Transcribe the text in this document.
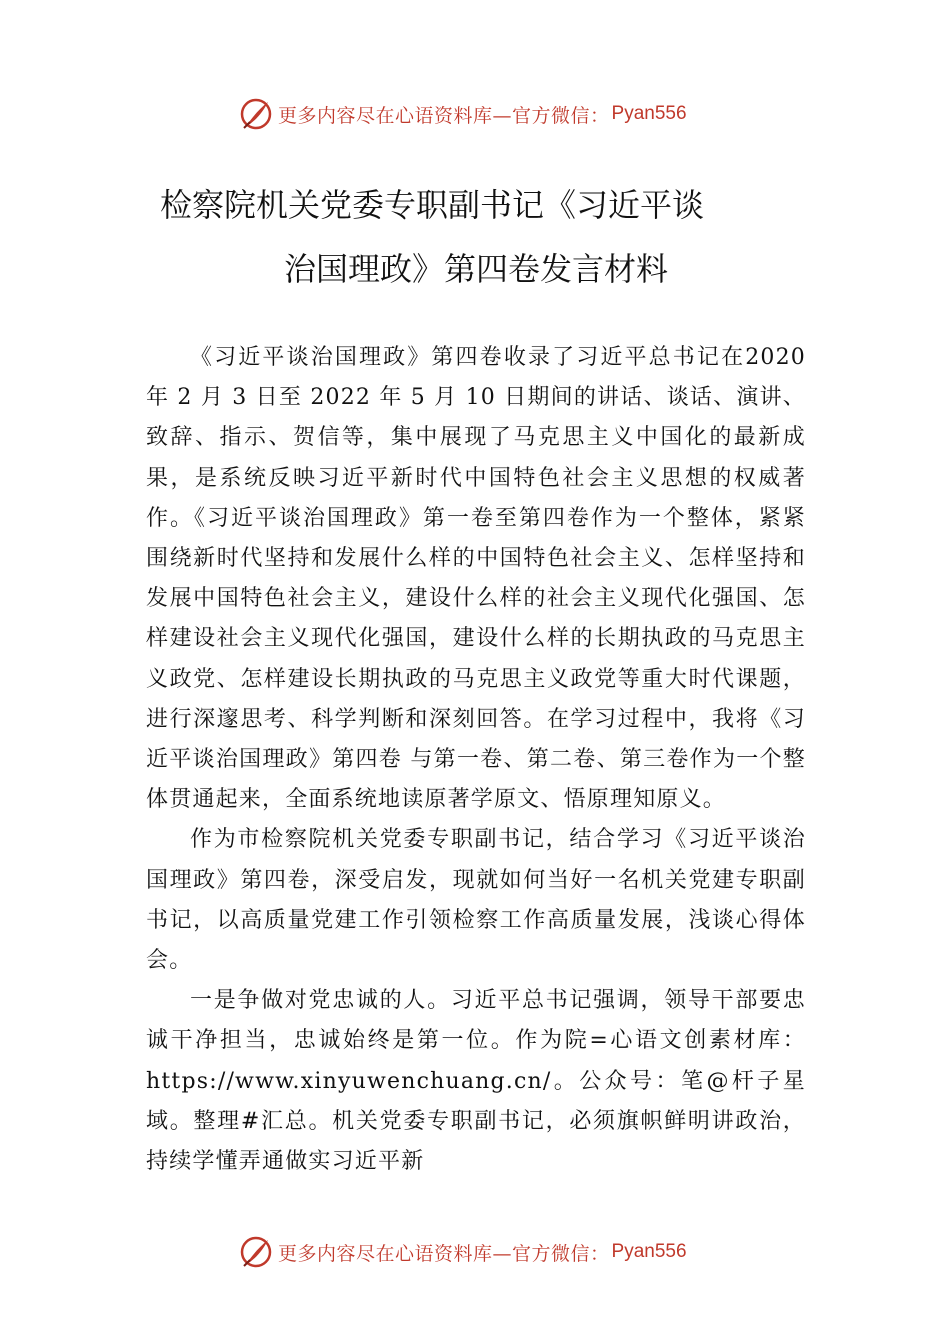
更多内容尽在心语资料库—官方微信： Pyan556
检察院机关党委专职副书记《习近平谈
治国理政》第四卷发言材料

《习近平谈治国理政》第四卷收录了习近平总书记在2020 年 2 月 3 日至 2022 年 5 月 10 日期间的讲话、谈话、演讲、致辞、指示、贺信等，集中展现了马克思主义中国化的最新成果，是系统反映习近平新时代中国特色社会主义思想的权威著作。《习近平谈治国理政》第一卷至第四卷作为一个整体，紧紧围绕新时代坚持和发展什么样的中国特色社会主义、怎样坚持和发展中国特色社会主义，建设什么样的社会主义现代化强国、怎样建设社会主义现代化强国，建设什么样的长期执政的马克思主义政党、怎样建设长期执政的马克思主义政党等重大时代课题，进行深邃思考、科学判断和深刻回答。在学习过程中，我将《习近平谈治国理政》第四卷 与第一卷、第二卷、第三卷作为一个整体贯通起来，全面系统地读原著学原文、悟原理知原义。

作为市检察院机关党委专职副书记，结合学习《习近平谈治国理政》第四卷，深受启发，现就如何当好一名机关党建专职副书记，以高质量党建工作引领检察工作高质量发展，浅谈心得体会。

一是争做对党忠诚的人。习近平总书记强调，领导干部要忠诚干净担当，忠诚始终是第一位。作为院=心语文创素材库：https://www.xinyuwenchuang.cn/。公众号：笔@杆子星域。整理#汇总。机关党委专职副书记，必须旗帜鲜明讲政治，持续学懂弄通做实习近平新

更多内容尽在心语资料库—官方微信： Pyan556
